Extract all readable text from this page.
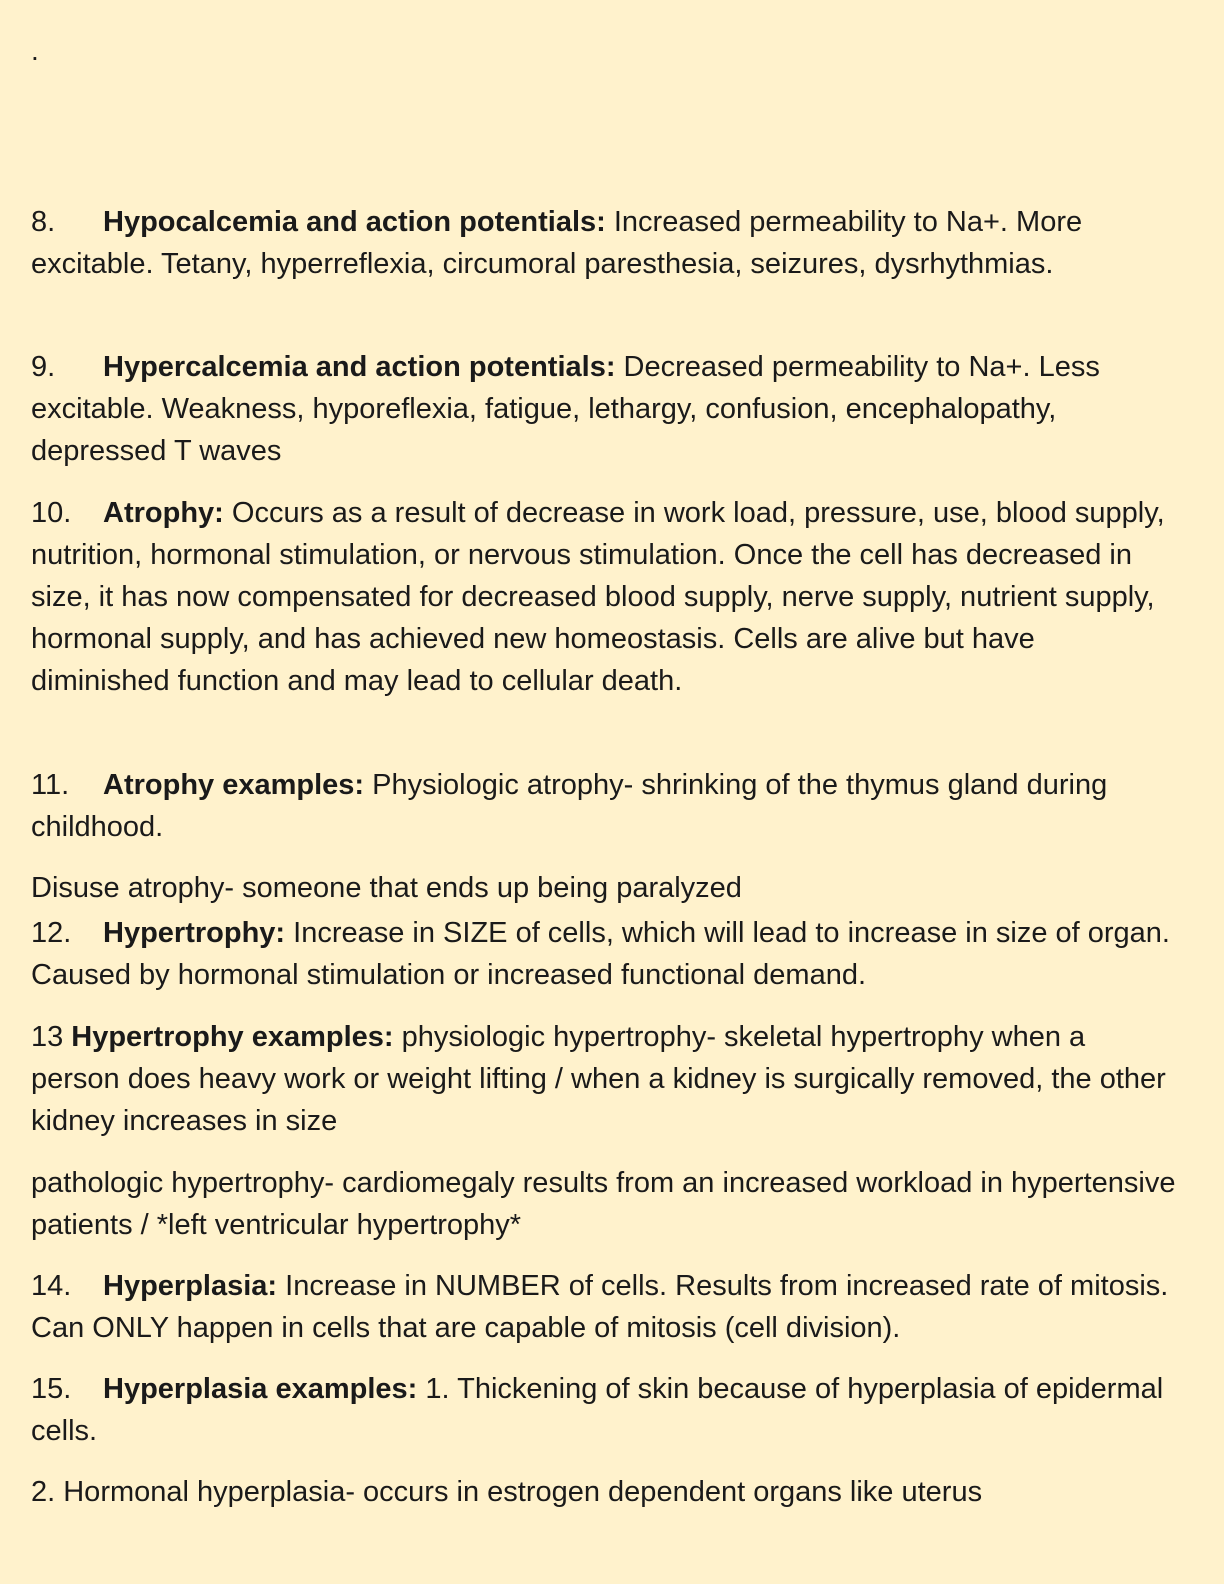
.

8. Hypocalcemia and action potentials: Increased permeability to Na+. More excitable. Tetany, hyperreflexia, circumoral paresthesia, seizures, dysrhythmias.

9. Hypercalcemia and action potentials: Decreased permeability to Na+. Less excitable. Weakness, hyporeflexia, fatigue, lethargy, confusion, encephalopathy, depressed T waves

10. Atrophy: Occurs as a result of decrease in work load, pressure, use, blood supply, nutrition, hormonal stimulation, or nervous stimulation. Once the cell has decreased in size, it has now compensated for decreased blood supply, nerve supply, nutrient supply, hormonal supply, and has achieved new homeostasis. Cells are alive but have diminished function and may lead to cellular death.

11. Atrophy examples: Physiologic atrophy- shrinking of the thymus gland during childhood.

Disuse atrophy- someone that ends up being paralyzed

12. Hypertrophy: Increase in SIZE of cells, which will lead to increase in size of organ. Caused by hormonal stimulation or increased functional demand.

13 Hypertrophy examples: physiologic hypertrophy- skeletal hypertrophy when a person does heavy work or weight lifting / when a kidney is surgically removed, the other kidney increases in size

pathologic hypertrophy- cardiomegaly results from an increased workload in hypertensive patients / *left ventricular hypertrophy*

14. Hyperplasia: Increase in NUMBER of cells. Results from increased rate of mitosis. Can ONLY happen in cells that are capable of mitosis (cell division).

15. Hyperplasia examples: 1. Thickening of skin because of hyperplasia of epidermal cells.

2. Hormonal hyperplasia- occurs in estrogen dependent organs like uterus
